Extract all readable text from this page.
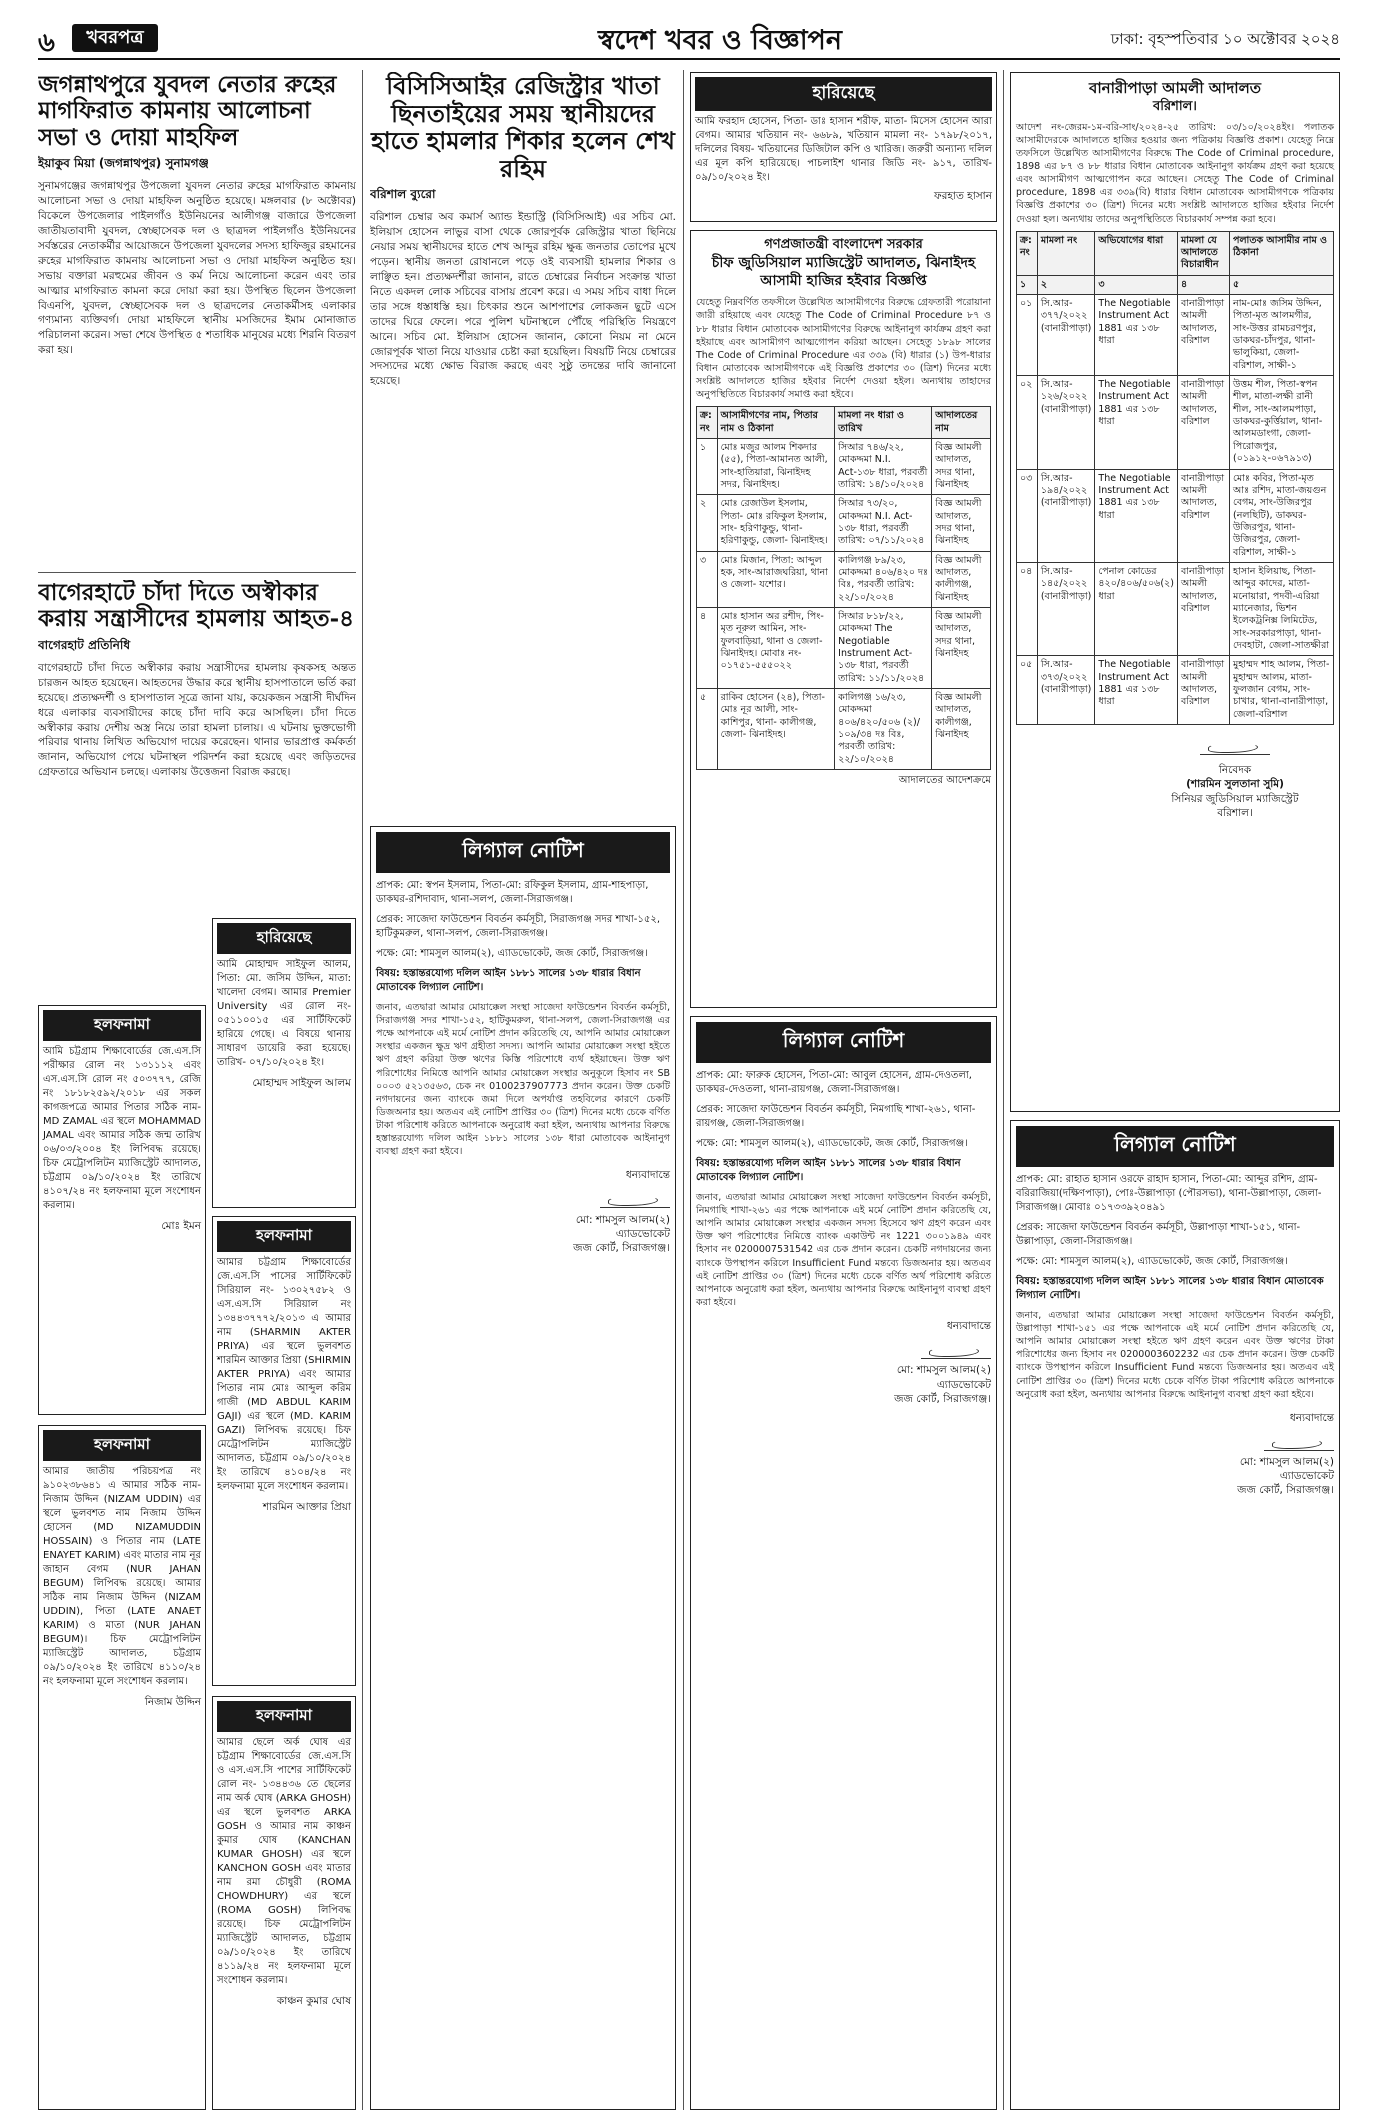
৬	খবরপত্র	স্বদেশ খবর ও বিজ্ঞাপন	ঢাকা: বৃহস্পতিবার ১০ অক্টোবর ২০২৪
জগন্নাথপুরে যুবদল নেতার রুহের মাগফিরাত কামনায় আলোচনা সভা ও দোয়া মাহফিল
ইয়াকুব মিয়া (জগন্নাথপুর) সুনামগঞ্জ

সুনামগঞ্জের জগন্নাথপুর উপজেলা যুবদল নেতার রুহের মাগফিরাত কামনায় আলোচনা সভা ও দোয়া মাহফিল অনুষ্ঠিত হয়েছে। মঙ্গলবার (৮ অক্টোবর) বিকেলে উপজেলার পাইলগাঁও ইউনিয়নের আলীগঞ্জ বাজারে উপজেলা জাতীয়তাবাদী যুবদল, স্বেচ্ছাসেবক দল ও ছাত্রদল পাইলগাঁও ইউনিয়নের সর্বস্তরের নেতাকর্মীর আয়োজনে উপজেলা যুবদলের সদস্য হাফিজুর রহমানের রুহের মাগফিরাত কামনায় আলোচনা সভা ও দোয়া মাহফিল অনুষ্ঠিত হয়। সভায় বক্তারা মরহুমের জীবন ও কর্ম নিয়ে আলোচনা করেন এবং তার আত্মার মাগফিরাত কামনা করে দোয়া করা হয়। উপস্থিত ছিলেন উপজেলা বিএনপি, যুবদল, স্বেচ্ছাসেবক দল ও ছাত্রদলের নেতাকর্মীসহ এলাকার গণ্যমান্য ব্যক্তিবর্গ। দোয়া মাহফিলে স্থানীয় মসজিদের ইমাম মোনাজাত পরিচালনা করেন। সভা শেষে উপস্থিত ৫ শতাধিক মানুষের মধ্যে শিরনি বিতরণ করা হয়।

বাগেরহাটে চাঁদা দিতে অস্বীকার করায় সন্ত্রাসীদের হামলায় আহত-৪
বাগেরহাট প্রতিনিধি

বাগেরহাটে চাঁদা দিতে অস্বীকার করায় সন্ত্রাসীদের হামলায় কৃষকসহ অন্তত চারজন আহত হয়েছেন। আহতদের উদ্ধার করে স্থানীয় হাসপাতালে ভর্তি করা হয়েছে। প্রত্যক্ষদর্শী ও হাসপাতাল সূত্রে জানা যায়, কয়েকজন সন্ত্রাসী দীর্ঘদিন ধরে এলাকার ব্যবসায়ীদের কাছে চাঁদা দাবি করে আসছিল। চাঁদা দিতে অস্বীকার করায় দেশীয় অস্ত্র নিয়ে তারা হামলা চালায়। এ ঘটনায় ভুক্তভোগী পরিবার থানায় লিখিত অভিযোগ দায়ের করেছেন। থানার ভারপ্রাপ্ত কর্মকর্তা জানান, অভিযোগ পেয়ে ঘটনাস্থল পরিদর্শন করা হয়েছে এবং জড়িতদের গ্রেফতারে অভিযান চলছে। এলাকায় উত্তেজনা বিরাজ করছে।

হারিয়েছে

আমি মোহাম্মদ সাইফুল আলম, পিতা: মো. জসিম উদ্দিন, মাতা: খালেদা বেগম। আমার Premier University এর রোল নং- ০৫১১০০১৫ এর সার্টিফিকেট হারিয়ে গেছে। এ বিষয়ে থানায় সাধারণ ডায়েরি করা হয়েছে। তারিখ- ০৭/১০/২০২৪ ইং।

মোহাম্মদ সাইফুল আলম
হলফনামা

আমি চট্টগ্রাম শিক্ষাবোর্ডের জে.এস.সি পরীক্ষার রোল নং ১৩১১১২ এবং এস.এস.সি রোল নং ৫০৩৭৭৭, রেজি নং ১৮১৮২৫৯২/২০১৮ এর সকল কাগজপত্রে আমার পিতার সঠিক নাম- MD ZAMAL এর স্থলে MOHAMMAD JAMAL এবং আমার সঠিক জন্ম তারিখ ০৬/০৩/২০০৪ ইং লিপিবদ্ধ রয়েছে। চিফ মেট্রোপলিটন ম্যাজিস্ট্রেট আদালত, চট্টগ্রাম ০৯/১০/২০২৪ ইং তারিখে ৪১০৭/২৪ নং হলফনামা মূলে সংশোধন করলাম।

মোঃ ইমন
হলফনামা

আমার জাতীয় পরিচয়পত্র নং ৯১০২৩৮৬৪১ এ আমার সঠিক নাম- নিজাম উদ্দিন (NIZAM UDDIN) এর স্থলে ভুলবশত নাম নিজাম উদ্দিন হোসেন (MD NIZAMUDDIN HOSSAIN) ও পিতার নাম (LATE ENAYET KARIM) এবং মাতার নাম নূর জাহান বেগম (NUR JAHAN BEGUM) লিপিবদ্ধ রয়েছে। আমার সঠিক নাম নিজাম উদ্দিন (NIZAM UDDIN), পিতা (LATE ANAET KARIM) ও মাতা (NUR JAHAN BEGUM)। চিফ মেট্রোপলিটন ম্যাজিস্ট্রেট আদালত, চট্টগ্রাম ০৯/১০/২০২৪ ইং তারিখে ৪১১০/২৪ নং হলফনামা মূলে সংশোধন করলাম।

নিজাম উদ্দিন
হলফনামা

আমার চট্টগ্রাম শিক্ষাবোর্ডের জে.এস.সি পাসের সার্টিফিকেট সিরিয়াল নং- ১৩০২৭৫৮২ ও এস.এস.সি সিরিয়াল নং ১৩৪৪৩৭৭৭২/২০১৩ এ আমার নাম (SHARMIN AKTER PRIYA) এর স্থলে ভুলবশত শারমিন আক্তার প্রিয়া (SHIRMIN AKTER PRIYA) এবং আমার পিতার নাম মোঃ আব্দুল করিম গাজী (MD ABDUL KARIM GAJI) এর স্থলে (MD. KARIM GAZI) লিপিবদ্ধ রয়েছে। চিফ মেট্রোপলিটন ম্যাজিস্ট্রেট আদালত, চট্টগ্রাম ০৯/১০/২০২৪ ইং তারিখে ৪১০৪/২৪ নং হলফনামা মূলে সংশোধন করলাম।

শারমিন আক্তার প্রিয়া
হলফনামা

আমার ছেলে অর্ক ঘোষ এর চট্টগ্রাম শিক্ষাবোর্ডের জে.এস.সি ও এস.এস.সি পাশের সার্টিফিকেট রোল নং- ১৩৪৪৩৬ তে ছেলের নাম অর্ক ঘোষ (ARKA GHOSH) এর স্থলে ভুলবশত ARKA GOSH ও আমার নাম কাঞ্চন কুমার ঘোষ (KANCHAN KUMAR GHOSH) এর স্থলে KANCHON GOSH এবং মাতার নাম রমা চৌধুরী (ROMA CHOWDHURY) এর স্থলে (ROMA GOSH) লিপিবদ্ধ রয়েছে। চিফ মেট্রোপলিটন ম্যাজিস্ট্রেট আদালত, চট্টগ্রাম ০৯/১০/২০২৪ ইং তারিখে ৪১১৯/২৪ নং হলফনামা মূলে সংশোধন করলাম।

কাঞ্চন কুমার ঘোষ
বিসিসিআইর রেজিস্ট্রার খাতা ছিনতাইয়ের সময় স্থানীয়দের হাতে হামলার শিকার হলেন শেখ রহিম
বরিশাল ব্যুরো

বরিশাল চেম্বার অব কমার্স অ্যান্ড ইন্ডাস্ট্রি (বিসিসিআই) এর সচিব মো. ইলিয়াস হোসেন লাভুর বাসা থেকে জোরপূর্বক রেজিস্ট্রার খাতা ছিনিয়ে নেয়ার সময় স্থানীয়দের হাতে শেখ আব্দুর রহিম ক্ষুব্ধ জনতার তোপের মুখে পড়েন। স্থানীয় জনতা রোষানলে পড়ে ওই ব্যবসায়ী হামলার শিকার ও লাঞ্ছিত হন। প্রত্যক্ষদর্শীরা জানান, রাতে চেম্বারের নির্বাচন সংক্রান্ত খাতা নিতে একদল লোক সচিবের বাসায় প্রবেশ করে। এ সময় সচিব বাধা দিলে তার সঙ্গে ধস্তাধস্তি হয়। চিৎকার শুনে আশপাশের লোকজন ছুটে এসে তাদের ঘিরে ফেলে। পরে পুলিশ ঘটনাস্থলে পৌঁছে পরিস্থিতি নিয়ন্ত্রণে আনে। সচিব মো. ইলিয়াস হোসেন জানান, কোনো নিয়ম না মেনে জোরপূর্বক খাতা নিয়ে যাওয়ার চেষ্টা করা হয়েছিল। বিষয়টি নিয়ে চেম্বারের সদস্যদের মধ্যে ক্ষোভ বিরাজ করছে এবং সুষ্ঠু তদন্তের দাবি জানানো হয়েছে।

লিগ্যাল নোটিশ

প্রাপক: মো: স্বপন ইসলাম, পিতা-মো: রফিকুল ইসলাম, গ্রাম-শাহপাড়া, ডাকঘর-রশিদাবাদ, থানা-সলপ, জেলা-সিরাজগঞ্জ।

প্রেরক: সাজেদা ফাউন্ডেশন বিবর্তন কর্মসূচী, সিরাজগঞ্জ সদর শাখা-১৫২, হাটিকুমরুল, থানা-সলপ, জেলা-সিরাজগঞ্জ।

পক্ষে: মো: শামসুল আলম(২), এ্যাডভোকেট, জজ কোর্ট, সিরাজগঞ্জ।

বিষয়: হস্তান্তরযোগ্য দলিল আইন ১৮৮১ সালের ১৩৮ ধারার বিধান মোতাবেক লিগ্যাল নোটিশ।

জনাব, এতদ্বারা আমার মোয়াক্কেল সংস্থা সাজেদা ফাউন্ডেশন বিবর্তন কর্মসূচী, সিরাজগঞ্জ সদর শাখা-১৫২, হাটিকুমরুল, থানা-সলপ, জেলা-সিরাজগঞ্জ এর পক্ষে আপনাকে এই মর্মে নোটিশ প্রদান করিতেছি যে, আপনি আমার মোয়াক্কেল সংস্থার একজন ক্ষুদ্র ঋণ গ্রহীতা সদস্য। আপনি আমার মোয়াক্কেল সংস্থা হইতে ঋণ গ্রহণ করিয়া উক্ত ঋণের কিস্তি পরিশোধে ব্যর্থ হইয়াছেন। উক্ত ঋণ পরিশোধের নিমিত্তে আপনি আমার মোয়াক্কেল সংস্থার অনুকূলে হিসাব নং SB ০০০৩ ৫২১৩৫৬৩, চেক নং 0100237907773 প্রদান করেন। উক্ত চেকটি নগদায়নের জন্য ব্যাংকে জমা দিলে অপর্যাপ্ত তহবিলের কারণে চেকটি ডিজঅনার হয়। অতএব এই নোটিশ প্রাপ্তির ৩০ (ত্রিশ) দিনের মধ্যে চেকে বর্ণিত টাকা পরিশোধ করিতে আপনাকে অনুরোধ করা হইল, অন্যথায় আপনার বিরুদ্ধে হস্তান্তরযোগ্য দলিল আইন ১৮৮১ সালের ১৩৮ ধারা মোতাবেক আইনানুগ ব্যবস্থা গ্রহণ করা হইবে।

ধন্যবাদান্তে
মো: শামসুল আলম(২)
এ্যাডভোকেট
জজ কোর্ট, সিরাজগঞ্জ।
হারিয়েছে

আমি ফরহাদ হোসেন, পিতা- ডাঃ হাসান শরীফ, মাতা- মিসেস হোসেন আরা বেগম। আমার খতিয়ান নং- ৬৬৮৯, খতিয়ান মামলা নং- ১৭৯৮/২০১৭, দলিলের বিষয়- খতিয়ানের ডিজিটাল কপি ও খারিজ। জরুরী অন্যান্য দলিল এর মূল কপি হারিয়েছে। পাচলাইশ থানার জিডি নং- ৯১৭, তারিখ- ০৯/১০/২০২৪ ইং।

ফরহাত হাসান
গণপ্রজাতন্ত্রী বাংলাদেশ সরকার
চীফ জুডিসিয়াল ম্যাজিস্ট্রেট আদালত, ঝিনাইদহ
আসামী হাজির হইবার বিজ্ঞপ্তি

যেহেতু নিম্নবর্ণিত তফসীলে উল্লেখিত আসামীগণের বিরুদ্ধে গ্রেফতারী পরোয়ানা জারী রহিয়াছে এবং যেহেতু The Code of Criminal Procedure ৮৭ ও ৮৮ ধারার বিধান মোতাবেক আসামীগণের বিরুদ্ধে আইনানুগ কার্যক্রম গ্রহণ করা হইয়াছে এবং আসামীগণ আত্মগোপন করিয়া আছেন। সেহেতু ১৮৯৮ সালের The Code of Criminal Procedure এর ৩৩৯ (বি) ধারার (১) উপ-ধারার বিধান মোতাবেক আসামীগণকে এই বিজ্ঞপ্তি প্রকাশের ৩০ (ত্রিশ) দিনের মধ্যে সংশ্লিষ্ট আদালতে হাজির হইবার নির্দেশ দেওয়া হইল। অন্যথায় তাহাদের অনুপস্থিতিতে বিচারকার্য সমাপ্ত করা হইবে।

ক্র: নং	আসামীগণের নাম, পিতার নাম ও ঠিকানা	মামলা নং ধারা ও তারিখ	আদালতের নাম
১	মোঃ মজুর আলম শিকদার (৫৫), পিতা-আমানত আলী, সাং-হাতিয়ারা, ঝিনাইদহ সদর, ঝিনাইদহ।	সিআর ৭৪৬/২২, মোকদ্দমা N.I. Act-১৩৮ ধারা, পরবর্তী তারিখ: ১৪/১০/২০২৪	বিজ্ঞ আমলী আদালত, সদর থানা, ঝিনাইদহ
২	মোঃ রেজাউল ইসলাম, পিতা- মোঃ রফিকুল ইসলাম, সাং- হরিণাকুন্ডু, থানা- হরিণাকুন্ডু, জেলা- ঝিনাইদহ।	সিআর ৭৩/২০, মোকদ্দমা N.I. Act- ১৩৮ ধারা, পরবর্তী তারিখ: ০৭/১১/২০২৪	বিজ্ঞ আমলী আদালত, সদর থানা, ঝিনাইদহ
৩	মোঃ মিজান, পিতা: আব্দুল হক, সাং-আরাজঘরিয়া, থানা ও জেলা- যশোর।	কালিগঞ্জ ৮৯/২৩, মোকদ্দমা ৪০৬/৪২০ দঃ বিঃ, পরবর্তী তারিখ: ২২/১০/২০২৪	বিজ্ঞ আমলী আদালত, কালীগঞ্জ, ঝিনাইদহ
৪	মোঃ হাসান অর রশীদ, পিং- মৃত নূরুল আমিন, সাং- ফুলবাড়িয়া, থানা ও জেলা- ঝিনাইদহ। মোবাঃ নং- ০১৭৫১-৫৫৫০২২	সিআর ৮১৮/২২, মোকদ্দমা The Negotiable Instrument Act- ১৩৮ ধারা, পরবর্তী তারিখ: ১১/১১/২০২৪	বিজ্ঞ আমলী আদালত, সদর থানা, ঝিনাইদহ
৫	রাকিব হোসেন (২৪), পিতা- মোঃ নূর আলী, সাং- কাশিপুর, থানা- কালীগঞ্জ, জেলা- ঝিনাইদহ।	কালিগঞ্জ ১৬/২৩, মোকদ্দমা ৪০৬/৪২০/৫০৬ (২)/১০৯/৩৪ দঃ বিঃ, পরবর্তী তারিখ: ২২/১০/২০২৪	বিজ্ঞ আমলী আদালত, কালীগঞ্জ, ঝিনাইদহ
আদালতের আদেশক্রমে
লিগ্যাল নোটিশ

প্রাপক: মো: ফারুক হোসেন, পিতা-মো: আবুল হোসেন, গ্রাম-দেওতলা, ডাকঘর-দেওতলা, থানা-রায়গঞ্জ, জেলা-সিরাজগঞ্জ।

প্রেরক: সাজেদা ফাউন্ডেশন বিবর্তন কর্মসূচী, নিমগাছি শাখা-২৬১, থানা-রায়গঞ্জ, জেলা-সিরাজগঞ্জ।

পক্ষে: মো: শামসুল আলম(২), এ্যাডভোকেট, জজ কোর্ট, সিরাজগঞ্জ।

বিষয়: হস্তান্তরযোগ্য দলিল আইন ১৮৮১ সালের ১৩৮ ধারার বিধান মোতাবেক লিগ্যাল নোটিশ।

জনাব, এতদ্বারা আমার মোয়াক্কেল সংস্থা সাজেদা ফাউন্ডেশন বিবর্তন কর্মসূচী, নিমগাছি শাখা-২৬১ এর পক্ষে আপনাকে এই মর্মে নোটিশ প্রদান করিতেছি যে, আপনি আমার মোয়াক্কেল সংস্থার একজন সদস্য হিসেবে ঋণ গ্রহণ করেন এবং উক্ত ঋণ পরিশোধের নিমিত্তে ব্যাংক একাউন্ট নং 1221 ৩০০১৯৪৯ এবং হিসাব নং 0200007531542 এর চেক প্রদান করেন। চেকটি নগদায়নের জন্য ব্যাংকে উপস্থাপন করিলে Insufficient Fund মন্তব্যে ডিজঅনার হয়। অতএব এই নোটিশ প্রাপ্তির ৩০ (ত্রিশ) দিনের মধ্যে চেকে বর্ণিত অর্থ পরিশোধ করিতে আপনাকে অনুরোধ করা হইল, অন্যথায় আপনার বিরুদ্ধে আইনানুগ ব্যবস্থা গ্রহণ করা হইবে।

ধন্যবাদান্তে
মো: শামসুল আলম(২)
এ্যাডভোকেট
জজ কোর্ট, সিরাজগঞ্জ।
বানারীপাড়া আমলী আদালত
বরিশাল।

আদেশ নং-জেরম-১ম-বরি-সাং/২০২৪-২৫ তারিখ: ০৩/১০/২০২৪ইং। পলাতক আসামীদেরকে আদালতে হাজির হওয়ার জন্য পত্রিকায় বিজ্ঞপ্তি প্রকাশ। যেহেতু নিম্নে তফসিলে উল্লেখিত আসামীগণের বিরুদ্ধে The Code of Criminal procedure, 1898 এর ৮৭ ও ৮৮ ধারার বিধান মোতাবেক আইনানুগ কার্যক্রম গ্রহণ করা হয়েছে এবং আসামীগণ আত্মগোপন করে আছেন। সেহেতু The Code of Criminal procedure, 1898 এর ৩৩৯(বি) ধারার বিধান মোতাবেক আসামীগণকে পত্রিকায় বিজ্ঞপ্তি প্রকাশের ৩০ (ত্রিশ) দিনের মধ্যে সংশ্লিষ্ট আদালতে হাজির হইবার নির্দেশ দেওয়া হল। অন্যথায় তাদের অনুপস্থিতিতে বিচারকার্য সম্পন্ন করা হবে।

ক্র: নং	মামলা নং	অভিযোগের ধারা	মামলা যে আদালতে বিচারাধীন	পলাতক আসামীর নাম ও ঠিকানা
১	২	৩	৪	৫
০১	সি.আর- ৩৭৭/২০২২ (বানারীপাড়া)	The Negotiable Instrument Act 1881 এর ১৩৮ ধারা	বানারীপাড়া আমলী আদালত, বরিশাল	নাম-মোঃ জসিম উদ্দিন, পিতা-মৃত আলমগীর, সাং-উত্তর রামচরণপুর, ডাকঘর-চাঁদপুর, থানা-ভালুকিয়া, জেলা-বরিশাল, সাক্ষী-১
০২	সি.আর- ১২৬/২০২২ (বানারীপাড়া)	The Negotiable Instrument Act 1881 এর ১৩৮ ধারা	বানারীপাড়া আমলী আদালত, বরিশাল	উত্তম শীল, পিতা-স্বপন শীল, মাতা-লক্ষী রানী শীল, সাং-আলমপাড়া, ডাকঘর-কুর্ত্তিয়াল, থানা-আলমডাংগা, জেলা-পিরোজপুর, (০১৯১২-০৬৭৯১৩)
০৩	সি.আর- ১৯৪/২০২২ (বানারীপাড়া)	The Negotiable Instrument Act 1881 এর ১৩৮ ধারা	বানারীপাড়া আমলী আদালত, বরিশাল	মোঃ কবির, পিতা-মৃত আঃ রশিদ, মাতা-জয়গুন বেগম, সাং-উজিরপুর (নলছিটি), ডাকঘর-উজিরপুর, থানা-উজিরপুর, জেলা-বরিশাল, সাক্ষী-১
০৪	সি.আর- ১৪৫/২০২২ (বানারীপাড়া)	পেনাল কোডের ৪২০/৪০৬/৫০৬(২) ধারা	বানারীপাড়া আমলী আদালত, বরিশাল	হাসান ইলিয়াছ, পিতা-আব্দুর কাদের, মাতা-মনোয়ারা, পদবী-এরিয়া ম্যানেজার, ভিশন ইলেকট্রনিক্স লিমিটেড, সাং-সরকারপাড়া, থানা-দেবহাটা, জেলা-সাতক্ষীরা
০৫	সি.আর- ৩৭৩/২০২২ (বানারীপাড়া)	The Negotiable Instrument Act 1881 এর ১৩৮ ধারা	বানারীপাড়া আমলী আদালত, বরিশাল	মুহাম্মদ শাহ আলম, পিতা-মুহাম্মদ আলম, মাতা-ফুলজান বেগম, সাং-চাখার, থানা-বানারীপাড়া, জেলা-বরিশাল
নিবেদক
(শারমিন সুলতানা সুমি)
সিনিয়র জুডিসিয়াল ম্যাজিস্ট্রেট
বরিশাল।
লিগ্যাল নোটিশ

প্রাপক: মো: রাহাত হাসান ওরফে রাহাদ হাসান, পিতা-মো: আব্দুর রশিদ, গ্রাম-বরিরাজিয়া(দক্ষিণপাড়া), পোঃ-উল্লাপাড়া (পৌরসভা), থানা-উল্লাপাড়া, জেলা-সিরাজগঞ্জ। মোবাঃ ০১৭৩৩৯২০৪৯১

প্রেরক: সাজেদা ফাউন্ডেশন বিবর্তন কর্মসূচী, উল্লাপাড়া শাখা-১৫১, থানা-উল্লাপাড়া, জেলা-সিরাজগঞ্জ।

পক্ষে: মো: শামসুল আলম(২), এ্যাডভোকেট, জজ কোর্ট, সিরাজগঞ্জ।

বিষয়: হস্তান্তরযোগ্য দলিল আইন ১৮৮১ সালের ১৩৮ ধারার বিধান মোতাবেক লিগ্যাল নোটিশ।

জনাব, এতদ্বারা আমার মোয়াক্কেল সংস্থা সাজেদা ফাউন্ডেশন বিবর্তন কর্মসূচী, উল্লাপাড়া শাখা-১৫১ এর পক্ষে আপনাকে এই মর্মে নোটিশ প্রদান করিতেছি যে, আপনি আমার মোয়াক্কেল সংস্থা হইতে ঋণ গ্রহণ করেন এবং উক্ত ঋণের টাকা পরিশোধের জন্য হিসাব নং 0200003602232 এর চেক প্রদান করেন। উক্ত চেকটি ব্যাংকে উপস্থাপন করিলে Insufficient Fund মন্তব্যে ডিজঅনার হয়। অতএব এই নোটিশ প্রাপ্তির ৩০ (ত্রিশ) দিনের মধ্যে চেকে বর্ণিত টাকা পরিশোধ করিতে আপনাকে অনুরোধ করা হইল, অন্যথায় আপনার বিরুদ্ধে আইনানুগ ব্যবস্থা গ্রহণ করা হইবে।

ধন্যবাদান্তে
মো: শামসুল আলম(২)
এ্যাডভোকেট
জজ কোর্ট, সিরাজগঞ্জ।
